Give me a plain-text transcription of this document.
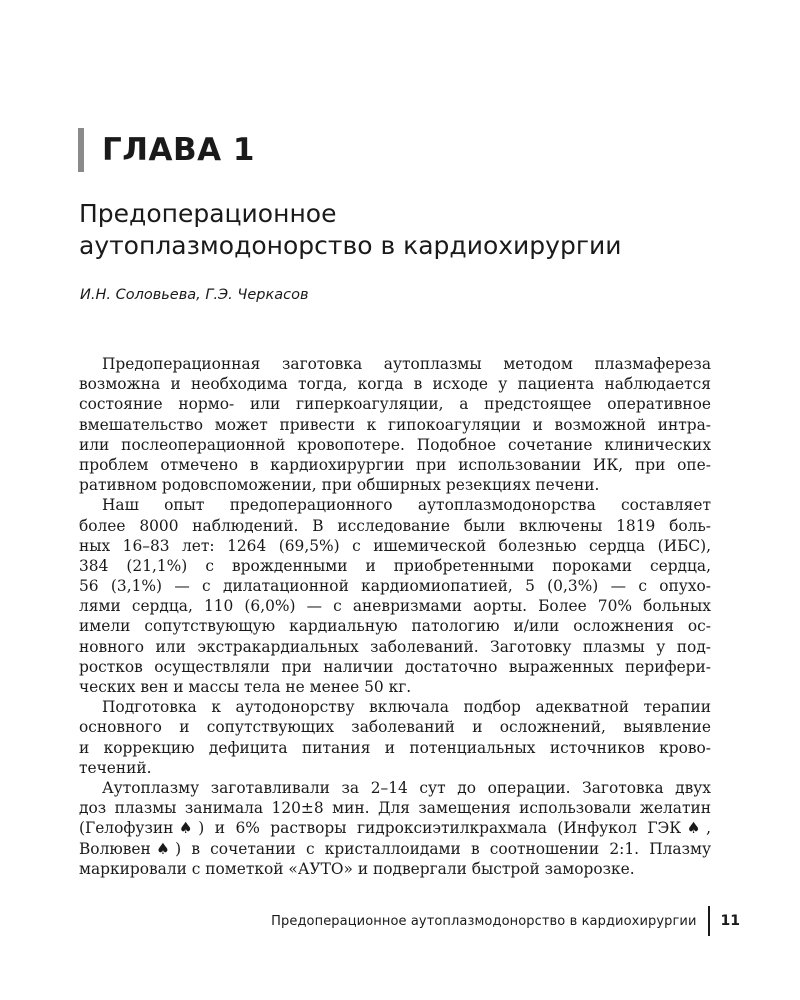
ГЛАВА 1
Предоперационное
аутоплазмодонорство в кардиохирургии
И.Н. Соловьева, Г.Э. Черкасов
Предоперационная заготовка аутоплазмы методом плазмафереза
возможна и необходима тогда, когда в исходе у пациента наблюдается
состояние нормо- или гиперкоагуляции, а предстоящее оперативное
вмешательство может привести к гипокоагуляции и возможной интра-
или послеоперационной кровопотере. Подобное сочетание клинических
проблем отмечено в кардиохирургии при использовании ИК, при опе-
ративном родовспоможении, при обширных резекциях печени.
Наш опыт предоперационного аутоплазмодонорства составляет
более 8000 наблюдений. В исследование были включены 1819 боль-
ных 16–83 лет: 1264 (69,5%) с ишемической болезнью сердца (ИБС),
384 (21,1%) с врожденными и приобретенными пороками сердца,
56 (3,1%) — с дилатационной кардиомиопатией, 5 (0,3%) — с опухо-
лями сердца, 110 (6,0%) — с аневризмами аорты. Более 70% больных
имели сопутствующую кардиальную патологию и/или осложнения ос-
новного или экстракардиальных заболеваний. Заготовку плазмы у под-
ростков осуществляли при наличии достаточно выраженных перифери-
ческих вен и массы тела не менее 50 кг.
Подготовка к аутодонорству включала подбор адекватной терапии
основного и сопутствующих заболеваний и осложнений, выявление
и коррекцию дефицита питания и потенциальных источников крово-
течений.
Аутоплазму заготавливали за 2–14 сут до операции. Заготовка двух
доз плазмы занимала 120±8 мин. Для замещения использовали желатин
(Гелофузин♠) и 6% растворы гидроксиэтилкрахмала (Инфукол ГЭК♠,
Волювен♠) в сочетании с кристаллоидами в соотношении 2:1. Плазму
маркировали с пометкой «АУТО» и подвергали быстрой заморозке.
Предоперационное аутоплазмодонорство в кардиохирургии 11
